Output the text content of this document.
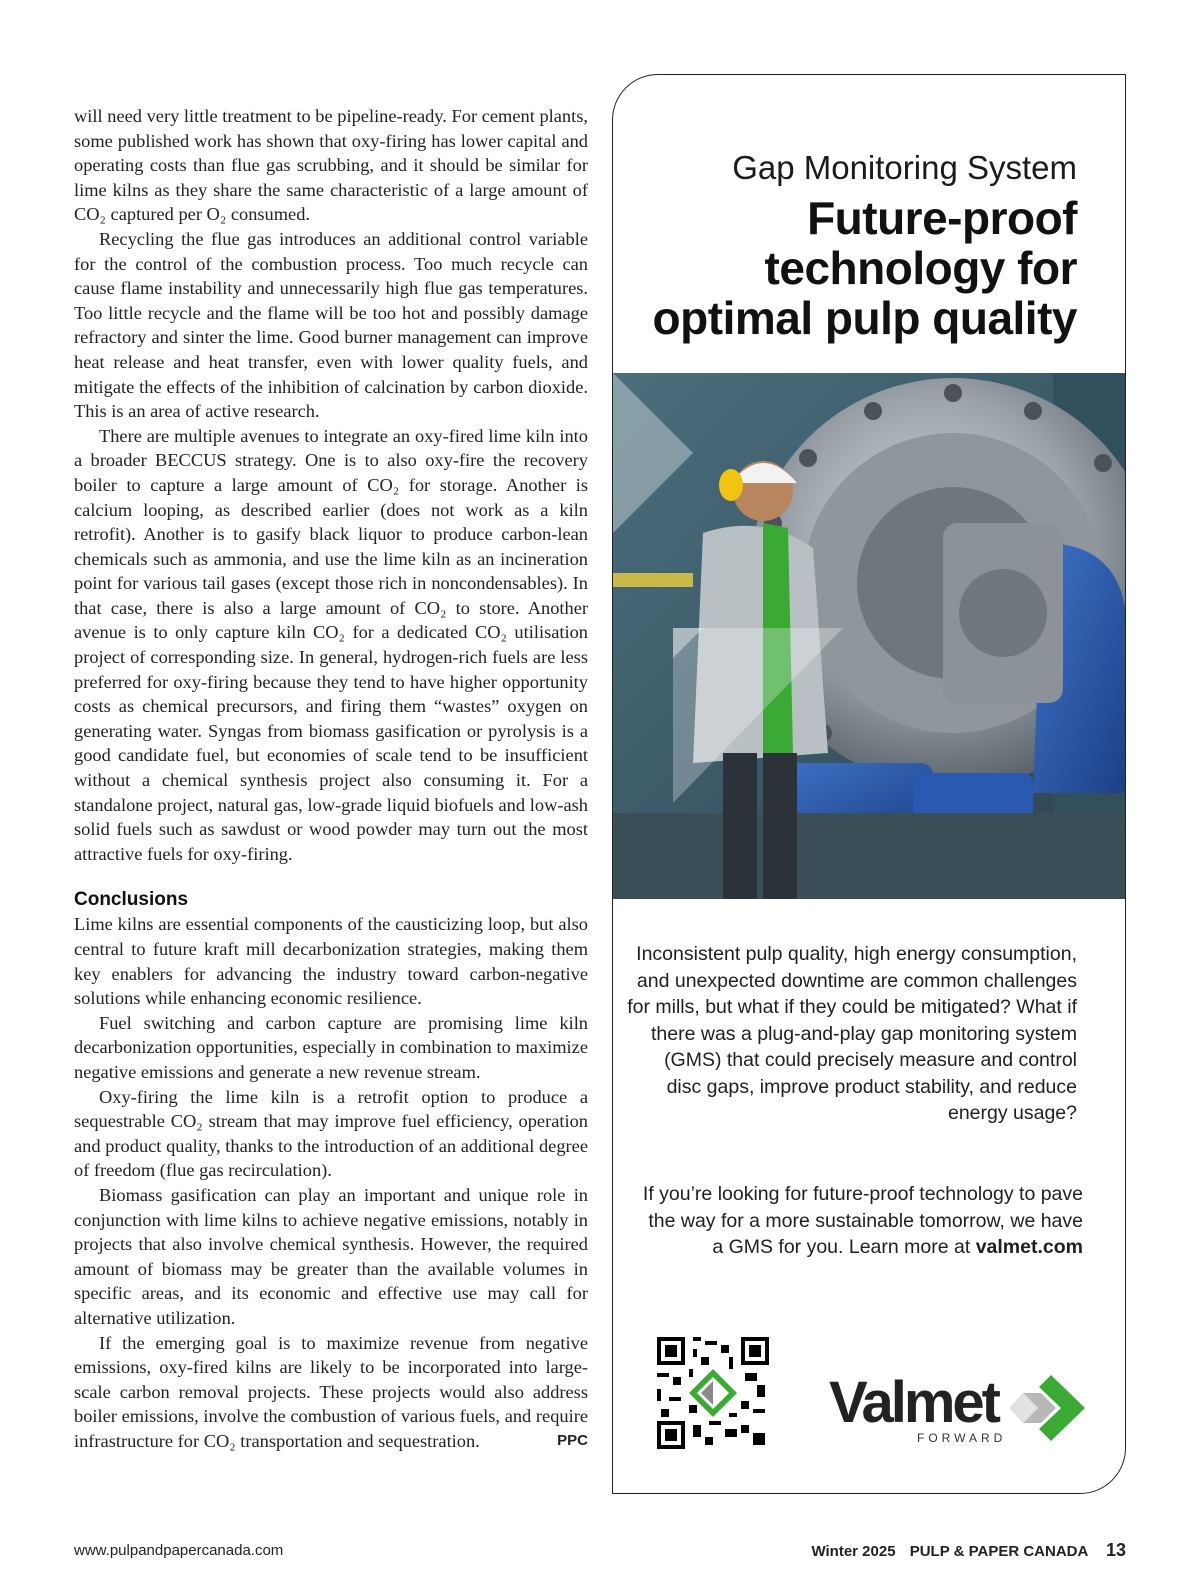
will need very little treatment to be pipeline-ready. For cement plants, some published work has shown that oxy-firing has lower capital and operating costs than flue gas scrubbing, and it should be similar for lime kilns as they share the same characteristic of a large amount of CO₂ captured per O₂ consumed.

Recycling the flue gas introduces an additional control variable for the control of the combustion process. Too much recycle can cause flame instability and unnecessarily high flue gas temperatures. Too little recycle and the flame will be too hot and possibly damage refractory and sinter the lime. Good burner management can improve heat release and heat transfer, even with lower quality fuels, and mitigate the effects of the inhibition of calcination by carbon dioxide. This is an area of active research.

There are multiple avenues to integrate an oxy-fired lime kiln into a broader BECCUS strategy. One is to also oxy-fire the recovery boiler to capture a large amount of CO₂ for storage. Another is calcium looping, as described earlier (does not work as a kiln retrofit). Another is to gasify black liquor to produce carbon-lean chemicals such as ammonia, and use the lime kiln as an incineration point for various tail gases (except those rich in noncondensables). In that case, there is also a large amount of CO₂ to store. Another avenue is to only capture kiln CO₂ for a dedicated CO₂ utilisation project of corresponding size. In general, hydrogen-rich fuels are less preferred for oxy-firing because they tend to have higher opportunity costs as chemical precursors, and firing them “wastes” oxygen on generating water. Syngas from biomass gasification or pyrolysis is a good candidate fuel, but economies of scale tend to be insufficient without a chemical synthesis project also consuming it. For a standalone project, natural gas, low-grade liquid biofuels and low-ash solid fuels such as sawdust or wood powder may turn out the most attractive fuels for oxy-firing.

Conclusions

Lime kilns are essential components of the causticizing loop, but also central to future kraft mill decarbonization strategies, making them key enablers for advancing the industry toward carbon-negative solutions while enhancing economic resilience.

Fuel switching and carbon capture are promising lime kiln decarbonization opportunities, especially in combination to maximize negative emissions and generate a new revenue stream.

Oxy-firing the lime kiln is a retrofit option to produce a sequestrable CO₂ stream that may improve fuel efficiency, operation and product quality, thanks to the introduction of an additional degree of freedom (flue gas recirculation).

Biomass gasification can play an important and unique role in conjunction with lime kilns to achieve negative emissions, notably in projects that also involve chemical synthesis. However, the required amount of biomass may be greater than the available volumes in specific areas, and its economic and effective use may call for alternative utilization.

If the emerging goal is to maximize revenue from negative emissions, oxy-fired kilns are likely to be incorporated into large-scale carbon removal projects. These projects would also address boiler emissions, involve the combustion of various fuels, and require infrastructure for CO₂ transportation and sequestration.	PPC

Gap Monitoring System
Future-proof technology for optimal pulp quality
Inconsistent pulp quality, high energy consumption, and unexpected downtime are common challenges for mills, but what if they could be mitigated? What if there was a plug-and-play gap monitoring system (GMS) that could precisely measure and control disc gaps, improve product stability, and reduce energy usage?
If you’re looking for future-proof technology to pave the way for a more sustainable tomorrow, we have a GMS for you. Learn more at valmet.com
Valmet
FORWARD
www.pulpandpapercanada.com	Winter 2025 PULP & PAPER CANADA 13
